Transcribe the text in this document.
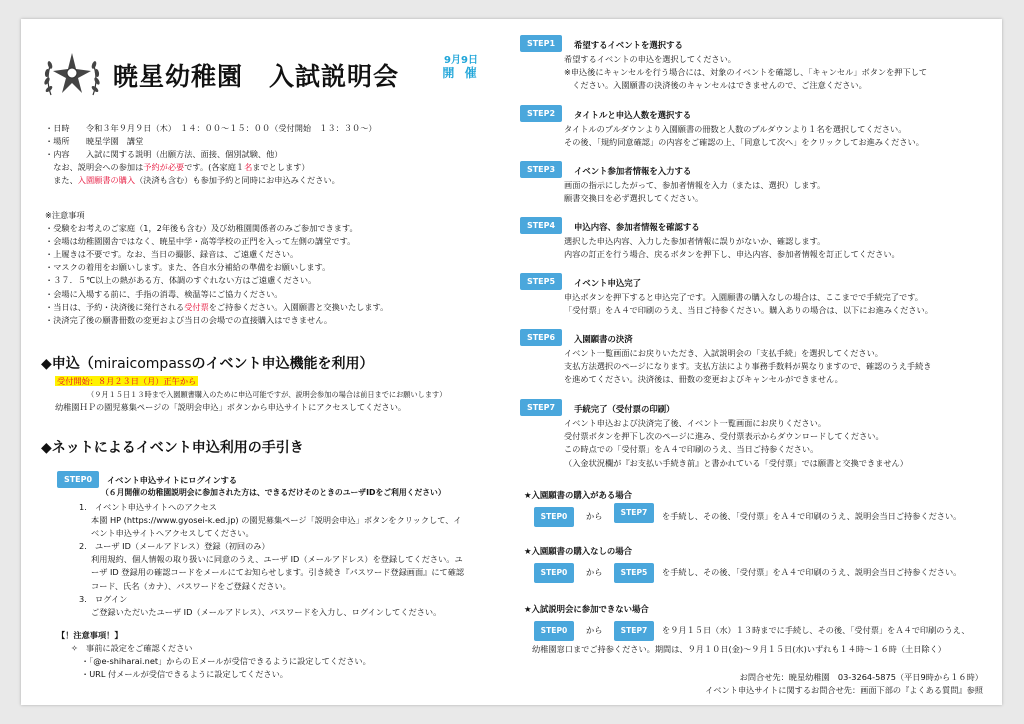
暁星幼稚園　入試説明会
9月9日
開 催
・日時　　令和３年９月９日（木）　１４：００～１５：００（受付開始　１３：３０～）
・場所　　暁星学園　講堂
・内容　　入試に関する説明（出願方法、面接、個別試験、他）
　なお、説明会への参加は予約が必要です。(各家庭１名までとします）
　また、入園願書の購入（決済も含む）も参加予約と同時にお申込みください。
※注意事項
・受験をお考えのご家庭（1，2年後も含む）及び幼稚園関係者のみご参加できます。
・会場は幼稚園園舎ではなく、暁星中学・高等学校の正門を入って左側の講堂です。
・上履きは不要です。なお、当日の撮影、録音は、ご遠慮ください。
・マスクの着用をお願いします。また、各自水分補給の準備をお願いします。
・３７．５℃以上の熱がある方、体調のすぐれない方はご遠慮ください。
・会場に入場する前に、手指の消毒、検温等にご協力ください。
・当日は、予約・決済後に発行される受付票をご持参ください。入園願書と交換いたします。
・決済完了後の願書冊数の変更および当日の会場での直接購入はできません。
◆申込（miraicompassのイベント申込機能を利用）
受付開始：８月２３日（月）正午から
（９月１５日１３時まで入園願書購入のために申込可能ですが、説明会参加の場合は前日までにお願いします）
幼稚園ＨＰの園児募集ページの「説明会申込」ボタンから申込サイトにアクセスしてください。
◆ネットによるイベント申込利用の手引き
STEP0	イベント申込サイトにログインする
（６月開催の幼稚園説明会に参加された方は、できるだけそのときのユーザIDをご利用ください）
1.　イベント申込サイトへのアクセス
本園 HP (https://www.gyosei-k.ed.jp) の園児募集ページ「説明会申込」ボタンをクリックして、イ
ベント申込サイトへアクセスしてください。
2.　ユーザ ID（メールアドレス）登録（初回のみ）
利用規約、個人情報の取り扱いに同意のうえ、ユーザ ID（メールアドレス）を登録してください。ユ
ーザ ID 登録用の確認コードをメールにてお知らせします。引き続き『パスワード登録画面』にて確認
コード、氏名（カナ）、パスワードをご登録ください。
3.　ログイン
ご登録いただいたユーザ ID（メールアドレス）、パスワードを入力し、ログインしてください。
【！注意事項！】
✧　事前に設定をご確認ください
・「@e-shiharai.net」からのＥメールが受信できるように設定してください。
・URL 付メールが受信できるように設定してください。
STEP1	希望するイベントを選択する
希望するイベントの申込を選択してください。
※申込後にキャンセルを行う場合には、対象のイベントを確認し、「キャンセル」ボタンを押下して
　ください。入園願書の決済後のキャンセルはできませんので、ご注意ください。
STEP2	タイトルと申込人数を選択する
タイトルのプルダウンより入園願書の冊数と人数のプルダウンより１名を選択してください。
その後、「規約同意確認」の内容をご確認の上、「同意して次へ」をクリックしてお進みください。
STEP3	イベント参加者情報を入力する
画面の指示にしたがって、参加者情報を入力（または、選択）します。
願書交換日を必ず選択してください。
STEP4	申込内容、参加者情報を確認する
選択した申込内容、入力した参加者情報に誤りがないか、確認します。
内容の訂正を行う場合、戻るボタンを押下し、申込内容、参加者情報を訂正してください。
STEP5	イベント申込完了
申込ボタンを押下すると申込完了です。入園願書の購入なしの場合は、ここまでで手続完了です。
「受付票」をＡ４で印刷のうえ、当日ご持参ください。購入ありの場合は、以下にお進みください。
STEP6	入園願書の決済
イベント一覧画面にお戻りいただき、入試説明会の「支払手続」を選択してください。
支払方法選択のページになります。支払方法により事務手数料が異なりますので、確認のうえ手続き
を進めてください。決済後は、冊数の変更およびキャンセルができません。
STEP7	手続完了（受付票の印刷）
イベント申込および決済完了後、イベント一覧画面にお戻りください。
受付票ボタンを押下し次のページに進み、受付票表示からダウンロードしてください。
この時点での「受付票」をＡ４で印刷のうえ、当日ご持参ください。
（入金状況欄が『お支払い手続き前』と書かれている「受付票」では願書と交換できません）
★入園願書の購入がある場合
STEP0	から	STEP7	を手続し、その後、「受付票」をＡ４で印刷のうえ、説明会当日ご持参ください。
★入園願書の購入なしの場合
STEP0	から	STEP5	を手続し、その後、「受付票」をＡ４で印刷のうえ、説明会当日ご持参ください。
★入試説明会に参加できない場合
STEP0	から	STEP7	を９月１５日（水）１３時までに手続し、その後、「受付票」をＡ４で印刷のうえ、
幼稚園窓口までご持参ください。期間は、９月１０日(金)～９月１５日(水)いずれも１４時～１６時（土日除く）
お問合せ先：暁星幼稚園　03-3264-5875（平日9時から１６時）
イベント申込サイトに関するお問合せ先：画面下部の『よくある質問』参照
